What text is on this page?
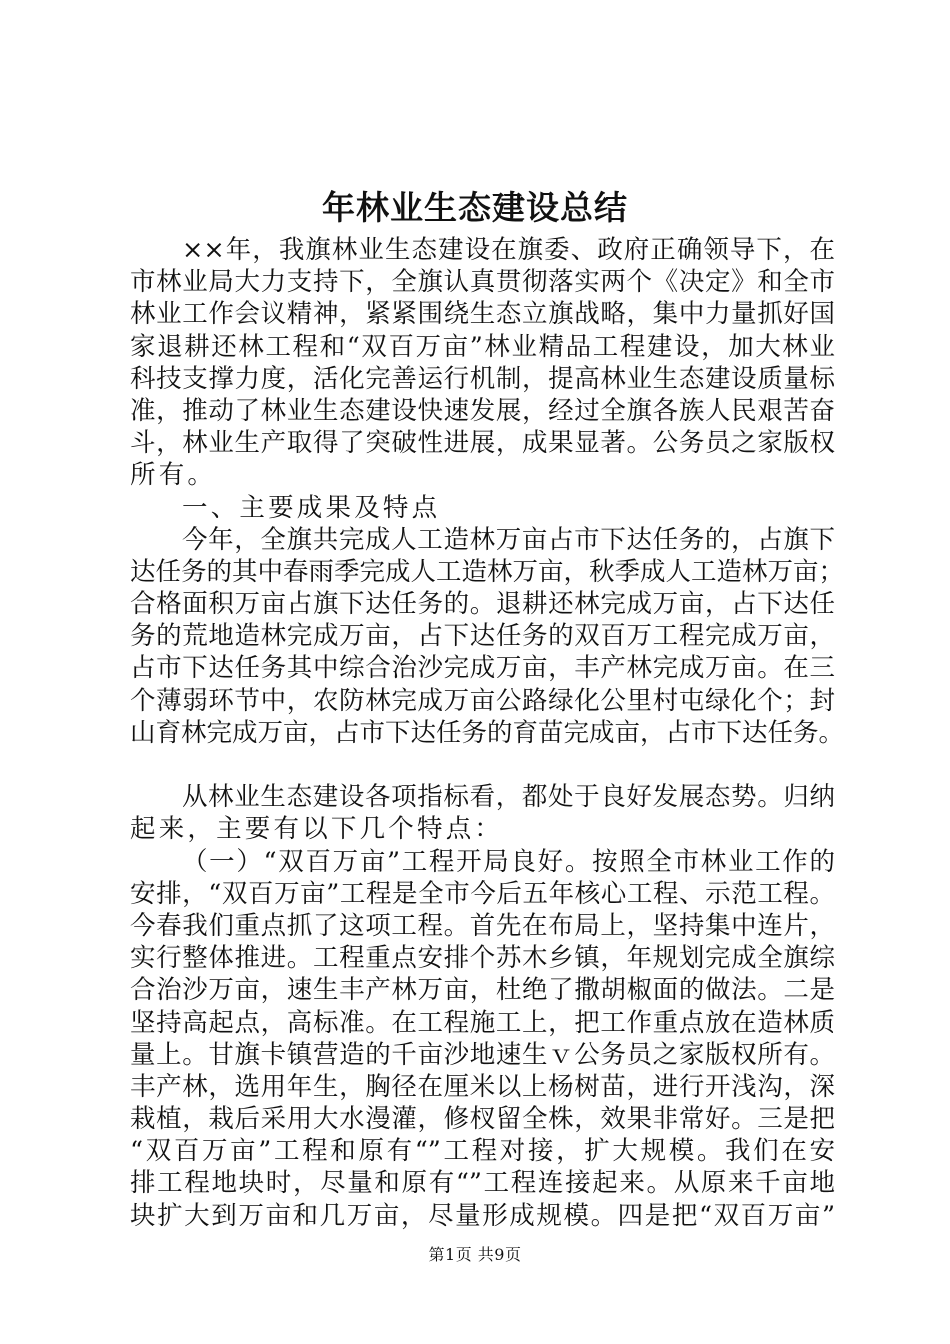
年林业生态建设总结
××年，我旗林业生态建设在旗委、政府正确领导下，在
市林业局大力支持下，全旗认真贯彻落实两个《决定》和全市
林业工作会议精神，紧紧围绕生态立旗战略，集中力量抓好国
家退耕还林工程和“双百万亩”林业精品工程建设，加大林业
科技支撑力度，活化完善运行机制，提高林业生态建设质量标
准，推动了林业生态建设快速发展，经过全旗各族人民艰苦奋
斗，林业生产取得了突破性进展，成果显著。公务员之家版权
所有。
一、主要成果及特点
今年，全旗共完成人工造林万亩占市下达任务的，占旗下
达任务的其中春雨季完成人工造林万亩，秋季成人工造林万亩；
合格面积万亩占旗下达任务的。退耕还林完成万亩，占下达任
务的荒地造林完成万亩，占下达任务的双百万工程完成万亩，
占市下达任务其中综合治沙完成万亩，丰产林完成万亩。在三
个薄弱环节中，农防林完成万亩公路绿化公里村屯绿化个；封
山育林完成万亩，占市下达任务的育苗完成亩，占市下达任务。
从林业生态建设各项指标看，都处于良好发展态势。归纳
起来，主要有以下几个特点：
（一）“双百万亩”工程开局良好。按照全市林业工作的
安排，“双百万亩”工程是全市今后五年核心工程、示范工程。
今春我们重点抓了这项工程。首先在布局上，坚持集中连片，
实行整体推进。工程重点安排个苏木乡镇，年规划完成全旗综
合治沙万亩，速生丰产林万亩，杜绝了撒胡椒面的做法。二是
坚持高起点，高标准。在工程施工上，把工作重点放在造林质
量上。甘旗卡镇营造的千亩沙地速生ｖ公务员之家版权所有。
丰产林，选用年生，胸径在厘米以上杨树苗，进行开浅沟，深
栽植，栽后采用大水漫灌，修杈留全株，效果非常好。三是把
“双百万亩”工程和原有“”工程对接，扩大规模。我们在安
排工程地块时，尽量和原有“”工程连接起来。从原来千亩地
块扩大到万亩和几万亩，尽量形成规模。四是把“双百万亩”
第1页 共9页
